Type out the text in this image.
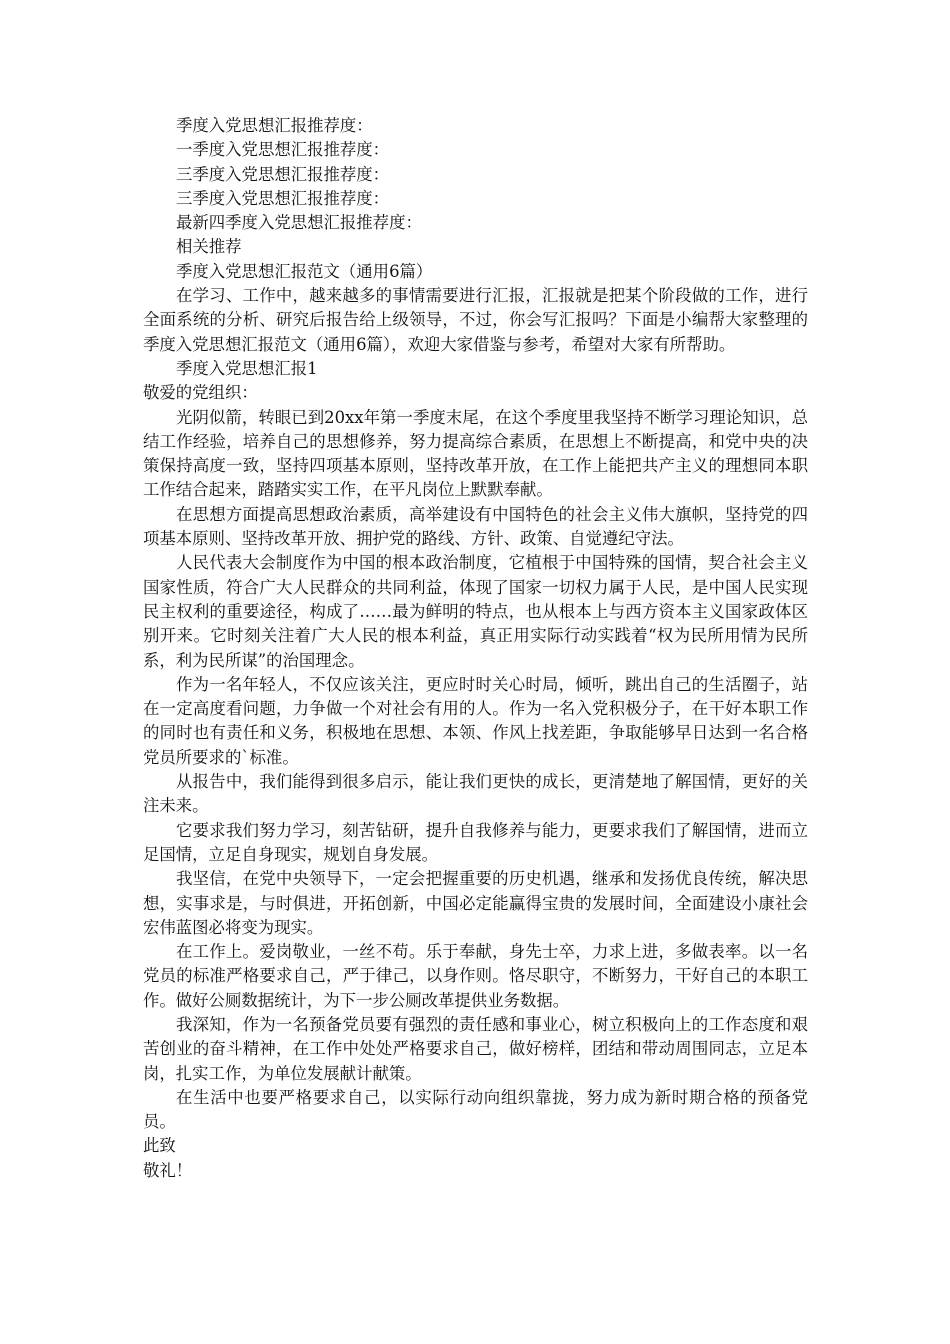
季度入党思想汇报推荐度：

一季度入党思想汇报推荐度：

三季度入党思想汇报推荐度：

三季度入党思想汇报推荐度：

最新四季度入党思想汇报推荐度：

相关推荐

季度入党思想汇报范文（通用6篇）

在学习、工作中，越来越多的事情需要进行汇报，汇报就是把某个阶段做的工作，进行全面系统的分析、研究后报告给上级领导，不过，你会写汇报吗？下面是小编帮大家整理的季度入党思想汇报范文（通用6篇），欢迎大家借鉴与参考，希望对大家有所帮助。

季度入党思想汇报1

敬爱的党组织：

光阴似箭，转眼已到20xx年第一季度末尾，在这个季度里我坚持不断学习理论知识，总结工作经验，培养自己的思想修养，努力提高综合素质，在思想上不断提高，和党中央的决策保持高度一致，坚持四项基本原则，坚持改革开放，在工作上能把共产主义的理想同本职工作结合起来，踏踏实实工作，在平凡岗位上默默奉献。

在思想方面提高思想政治素质，高举建设有中国特色的社会主义伟大旗帜，坚持党的四项基本原则、坚持改革开放、拥护党的路线、方针、政策、自觉遵纪守法。

人民代表大会制度作为中国的根本政治制度，它植根于中国特殊的国情，契合社会主义国家性质，符合广大人民群众的共同利益，体现了国家一切权力属于人民，是中国人民实现民主权利的重要途径，构成了……最为鲜明的特点，也从根本上与西方资本主义国家政体区别开来。它时刻关注着广大人民的根本利益，真正用实际行动实践着“权为民所用情为民所系，利为民所谋”的治国理念。

作为一名年轻人，不仅应该关注，更应时时关心时局，倾听，跳出自己的生活圈子，站在一定高度看问题，力争做一个对社会有用的人。作为一名入党积极分子，在干好本职工作的同时也有责任和义务，积极地在思想、本领、作风上找差距，争取能够早日达到一名合格党员所要求的`标准。

从报告中，我们能得到很多启示，能让我们更快的成长，更清楚地了解国情，更好的关注未来。

它要求我们努力学习，刻苦钻研，提升自我修养与能力，更要求我们了解国情，进而立足国情，立足自身现实，规划自身发展。

我坚信，在党中央领导下，一定会把握重要的历史机遇，继承和发扬优良传统，解决思想，实事求是，与时俱进，开拓创新，中国必定能赢得宝贵的发展时间，全面建设小康社会宏伟蓝图必将变为现实。

在工作上。爱岗敬业，一丝不苟。乐于奉献，身先士卒，力求上进，多做表率。以一名党员的标准严格要求自己，严于律己，以身作则。恪尽职守，不断努力，干好自己的本职工作。做好公厕数据统计，为下一步公厕改革提供业务数据。

我深知，作为一名预备党员要有强烈的责任感和事业心，树立积极向上的工作态度和艰苦创业的奋斗精神，在工作中处处严格要求自己，做好榜样，团结和带动周围同志，立足本岗，扎实工作，为单位发展献计献策。

在生活中也要严格要求自己，以实际行动向组织靠拢，努力成为新时期合格的预备党员。

此致

敬礼！
